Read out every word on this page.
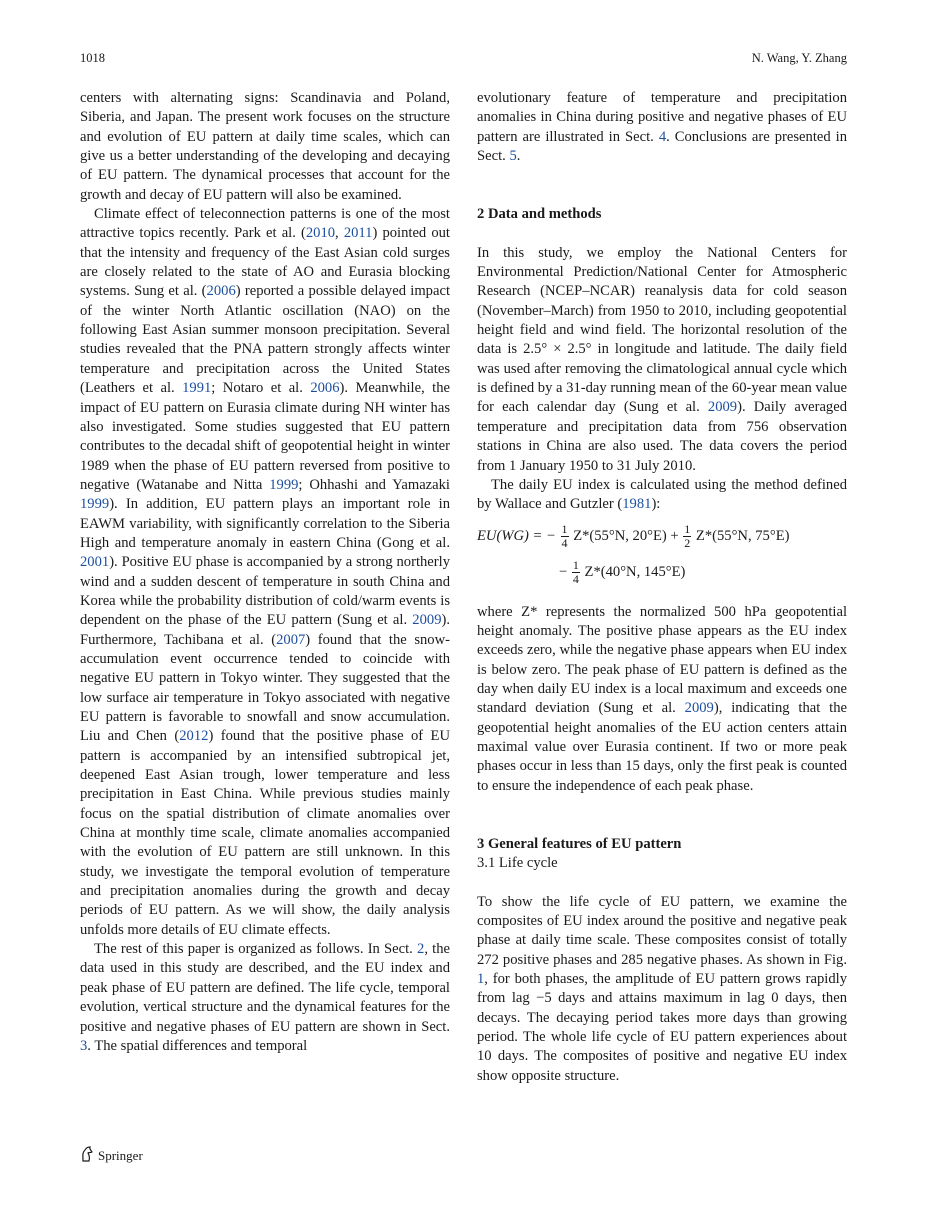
1018	N. Wang, Y. Zhang

centers with alternating signs: Scandinavia and Poland, Siberia, and Japan. The present work focuses on the structure and evolution of EU pattern at daily time scales, which can give us a better understanding of the developing and decaying of EU pattern. The dynamical processes that account for the growth and decay of EU pattern will also be examined.

Climate effect of teleconnection patterns is one of the most attractive topics recently. Park et al. (2010, 2011) pointed out that the intensity and frequency of the East Asian cold surges are closely related to the state of AO and Eurasia blocking systems. Sung et al. (2006) reported a possible delayed impact of the winter North Atlantic oscillation (NAO) on the following East Asian summer monsoon precipitation. Several studies revealed that the PNA pattern strongly affects winter temperature and precipitation across the United States (Leathers et al. 1991; Notaro et al. 2006). Meanwhile, the impact of EU pattern on Eurasia climate during NH winter has also investigated. Some studies suggested that EU pattern contributes to the decadal shift of geopotential height in winter 1989 when the phase of EU pattern reversed from positive to negative (Watanabe and Nitta 1999; Ohhashi and Yamazaki 1999). In addition, EU pattern plays an important role in EAWM variability, with significantly correlation to the Siberia High and temperature anomaly in eastern China (Gong et al. 2001). Positive EU phase is accompanied by a strong northerly wind and a sudden descent of temperature in south China and Korea while the probability distribution of cold/warm events is dependent on the phase of the EU pattern (Sung et al. 2009). Furthermore, Tachibana et al. (2007) found that the snow-accumulation event occurrence tended to coincide with negative EU pattern in Tokyo winter. They suggested that the low surface air temperature in Tokyo associated with negative EU pattern is favorable to snowfall and snow accumulation. Liu and Chen (2012) found that the positive phase of EU pattern is accompanied by an intensified subtropical jet, deepened East Asian trough, lower temperature and less precipitation in East China. While previous studies mainly focus on the spatial distribution of climate anomalies over China at monthly time scale, climate anomalies accompanied with the evolution of EU pattern are still unknown. In this study, we investigate the temporal evolution of temperature and precipitation anomalies during the growth and decay periods of EU pattern. As we will show, the daily analysis unfolds more details of EU climate effects.

The rest of this paper is organized as follows. In Sect. 2, the data used in this study are described, and the EU index and peak phase of EU pattern are defined. The life cycle, temporal evolution, vertical structure and the dynamical features for the positive and negative phases of EU pattern are shown in Sect. 3. The spatial differences and temporal

evolutionary feature of temperature and precipitation anomalies in China during positive and negative phases of EU pattern are illustrated in Sect. 4. Conclusions are presented in Sect. 5.

2 Data and methods

In this study, we employ the National Centers for Environmental Prediction/National Center for Atmospheric Research (NCEP–NCAR) reanalysis data for cold season (November–March) from 1950 to 2010, including geopotential height field and wind field. The horizontal resolution of the data is 2.5° × 2.5° in longitude and latitude. The daily field was used after removing the climatological annual cycle which is defined by a 31-day running mean of the 60-year mean value for each calendar day (Sung et al. 2009). Daily averaged temperature and precipitation data from 756 observation stations in China are also used. The data covers the period from 1 January 1950 to 31 July 2010.

The daily EU index is calculated using the method defined by Wallace and Gutzler (1981):

EU(WG) = − $\frac{1}{4} Z*(55^\circ N$, $20^\circ E) + \frac{1}{2} Z*(55^\circ N$, 75°E)
− $\frac{1}{4} Z*(40^\circ N$, 145°E)

where Z* represents the normalized 500 hPa geopotential height anomaly. The positive phase appears as the EU index exceeds zero, while the negative phase appears when EU index is below zero. The peak phase of EU pattern is defined as the day when daily EU index is a local maximum and exceeds one standard deviation (Sung et al. 2009), indicating that the geopotential height anomalies of the EU action centers attain maximal value over Eurasia continent. If two or more peak phases occur in less than 15 days, only the first peak is counted to ensure the independence of each peak phase.

3 General features of EU pattern
3.1 Life cycle

To show the life cycle of EU pattern, we examine the composites of EU index around the positive and negative peak phase at daily time scale. These composites consist of totally 272 positive phases and 285 negative phases. As shown in Fig. 1, for both phases, the amplitude of EU pattern grows rapidly from lag −5 days and attains maximum in lag 0 days, then decays. The decaying period takes more days than growing period. The whole life cycle of EU pattern experiences about 10 days. The composites of positive and negative EU index show opposite structure.

Springer
